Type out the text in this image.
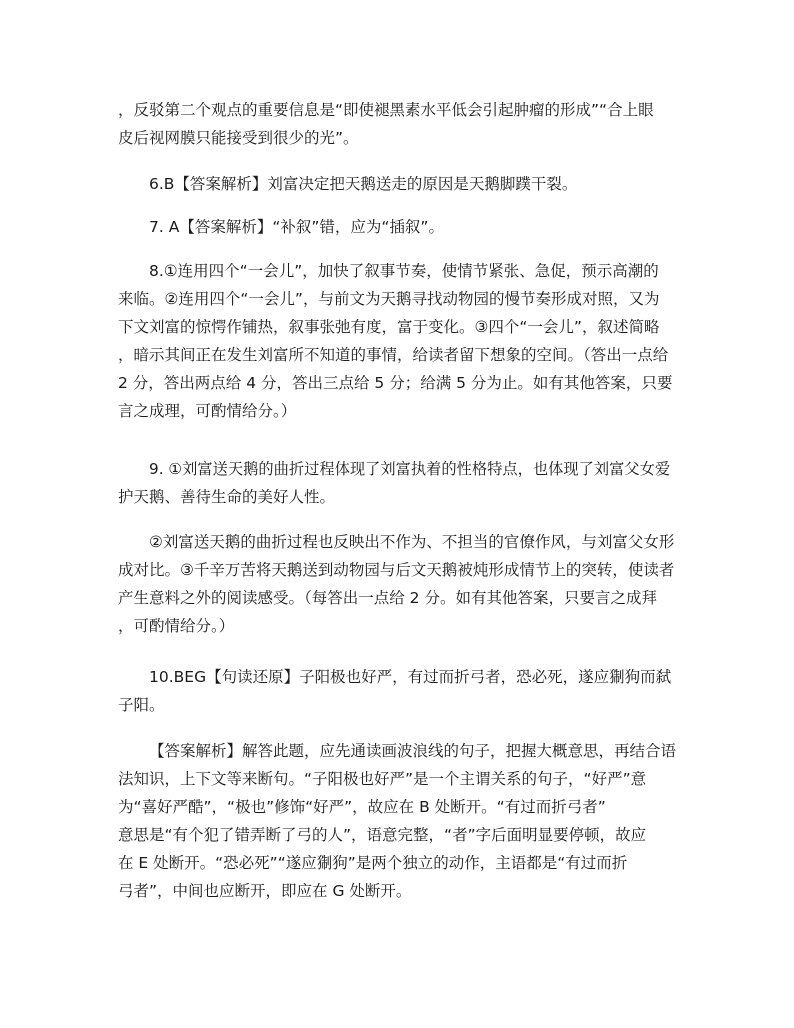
，反驳第二个观点的重要信息是“即使褪黑素水平低会引起肿瘤的形成”“合上眼
皮后视网膜只能接受到很少的光”。

6.B【答案解析】刘富决定把天鹅送走的原因是天鹅脚蹼干裂。

7. A【答案解析】“补叙”错，应为“插叙”。

8.①连用四个“一会儿”，加快了叙事节奏，使情节紧张、急促，预示高潮的
来临。②连用四个“一会儿”，与前文为天鹅寻找动物园的慢节奏形成对照，又为
下文刘富的惊愕作铺热，叙事张弛有度，富于变化。③四个“一会儿”，叙述简略
，暗示其间正在发生刘富所不知道的事情，给读者留下想象的空间。（答出一点给
2 分，答出两点给 4 分，答出三点给 5 分；给满 5 分为止。如有其他答案，只要
言之成理，可酌情给分。）

9. ①刘富送天鹅的曲折过程体现了刘富执着的性格特点，也体现了刘富父女爱
护天鹅、善待生命的美好人性。

②刘富送天鹅的曲折过程也反映出不作为、不担当的官僚作风，与刘富父女形
成对比。③千辛万苦将天鹅送到动物园与后文天鹅被炖形成情节上的突转，使读者
产生意料之外的阅读感受。（每答出一点给 2 分。如有其他答案，只要言之成拜
，可酌情给分。）

10.BEG【句读还原】子阳极也好严，有过而折弓者，恐必死，遂应猘狗而弑
子阳。

【答案解析】解答此题，应先通读画波浪线的句子，把握大概意思，再结合语
法知识，上下文等来断句。“子阳极也好严”是一个主谓关系的句子，“好严”意
为“喜好严酷”，“极也”修饰“好严”，故应在 B 处断开。“有过而折弓者”
意思是“有个犯了错弄断了弓的人”，语意完整，“者”字后面明显要停顿，故应
在 E 处断开。“恐必死”“遂应猘狗”是两个独立的动作，主语都是“有过而折
弓者”，中间也应断开，即应在 G 处断开。
